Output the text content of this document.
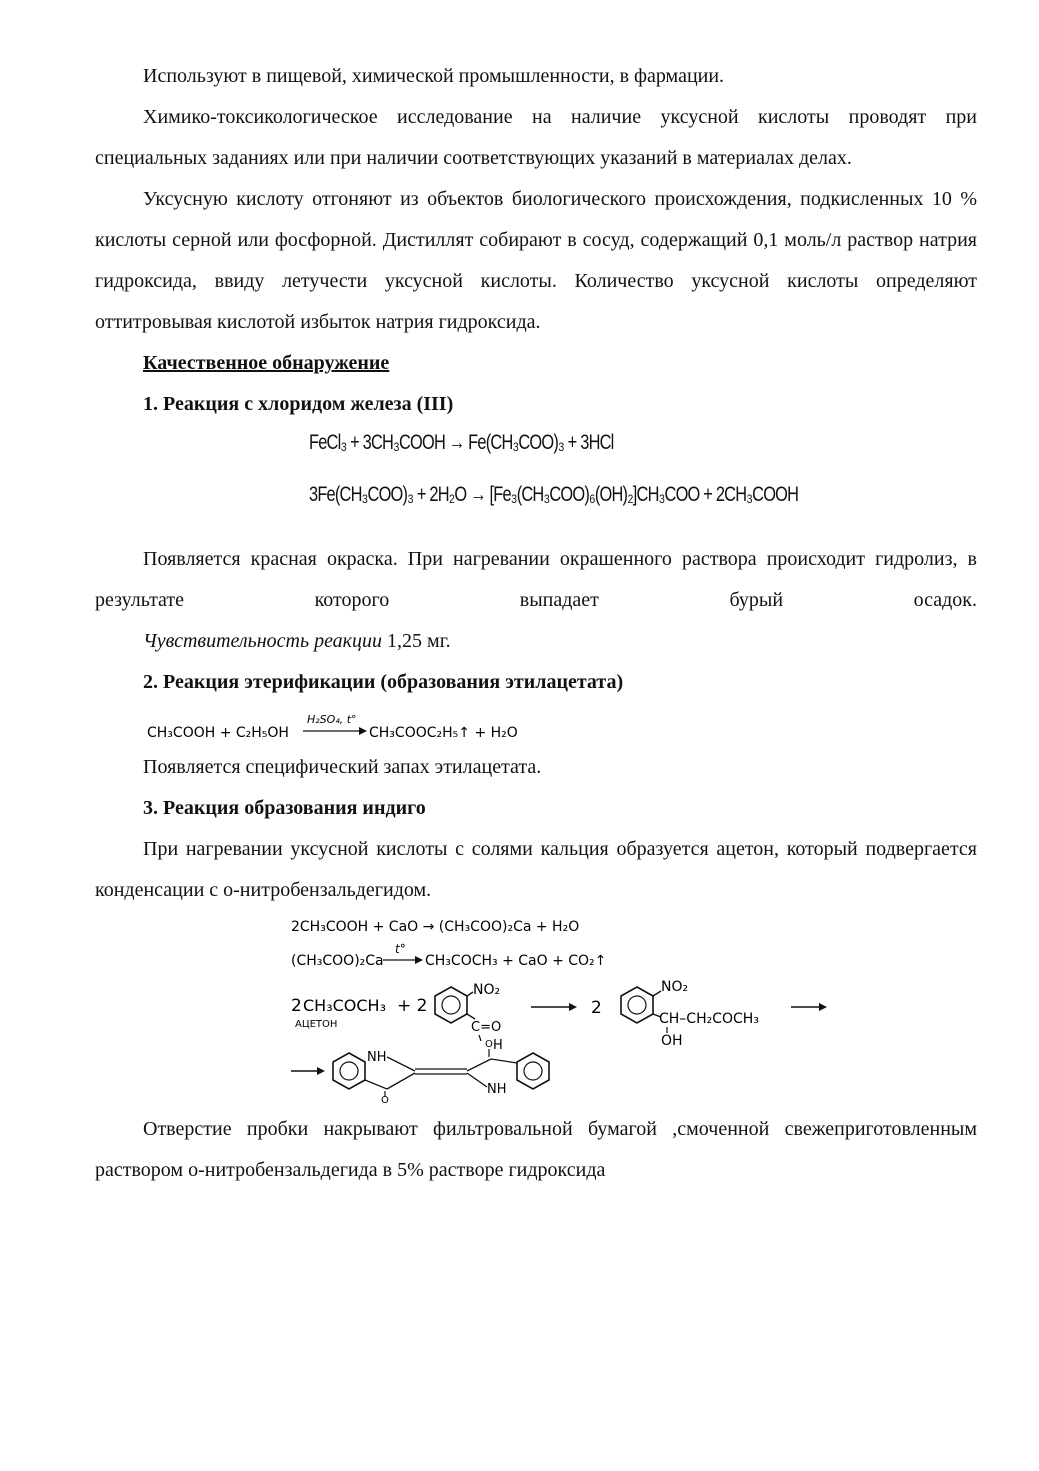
Используют в пищевой, химической промышленности, в фармации.

Химико-токсикологическое исследование на наличие уксусной кислоты проводят при специальных заданиях или при наличии соответствующих указаний в материалах делах.

Уксусную кислоту отгоняют из объектов биологического происхождения, подкисленных 10 % кислоты серной или фосфорной. Дистиллят собирают в сосуд, содержащий 0,1 моль/л раствор натрия гидроксида, ввиду летучести уксусной кислоты. Количество уксусной кислоты определяют оттитровывая кислотой избыток натрия гидроксида.

Качественное обнаружение
1. Реакция с хлоридом железа (III)
FeCl₃ + 3CH₃COOH → Fe(CH₃COO)₃ + 3HCl
3Fe(CH₃COO)₃ + 2H₂O → [Fe₃(CH₃COO)₆(OH)₂]CH₃COO + 2CH₃COOH

Появляется красная окраска. При нагревании окрашенного раствора происходит гидролиз, в результате которого выпадает бурый осадок.

Чувствительность реакции 1,25 мг.

2. Реакция этерификации (образования этилацетата)
CH₃COOH + C₂H₅OH
H₂SO₄, t°
CH₃COOC₂H₅↑ + H₂O

Появляется специфический запах этилацетата.

3. Реакция образования индиго

При нагревании уксусной кислоты с солями кальция образуется ацетон, который подвергается конденсации с о-нитробензальдегидом.

2CH₃COOH + CaO → (CH₃COO)₂Ca + H₂O
(CH₃COO)₂Ca
t°
CH₃COCH₃ + CaO + CO₂↑
2 CH₃COCH₃
АЦЕТОН
+ 2
NO₂
C=O
H
2
NO₂
CH–CH₂COCH₃
OH
NH
O
O
NH

Отверстие пробки накрывают фильтровальной бумагой ,смоченной свежеприготовленным раствором о-нитробензальдегида в 5% растворе гидроксида
